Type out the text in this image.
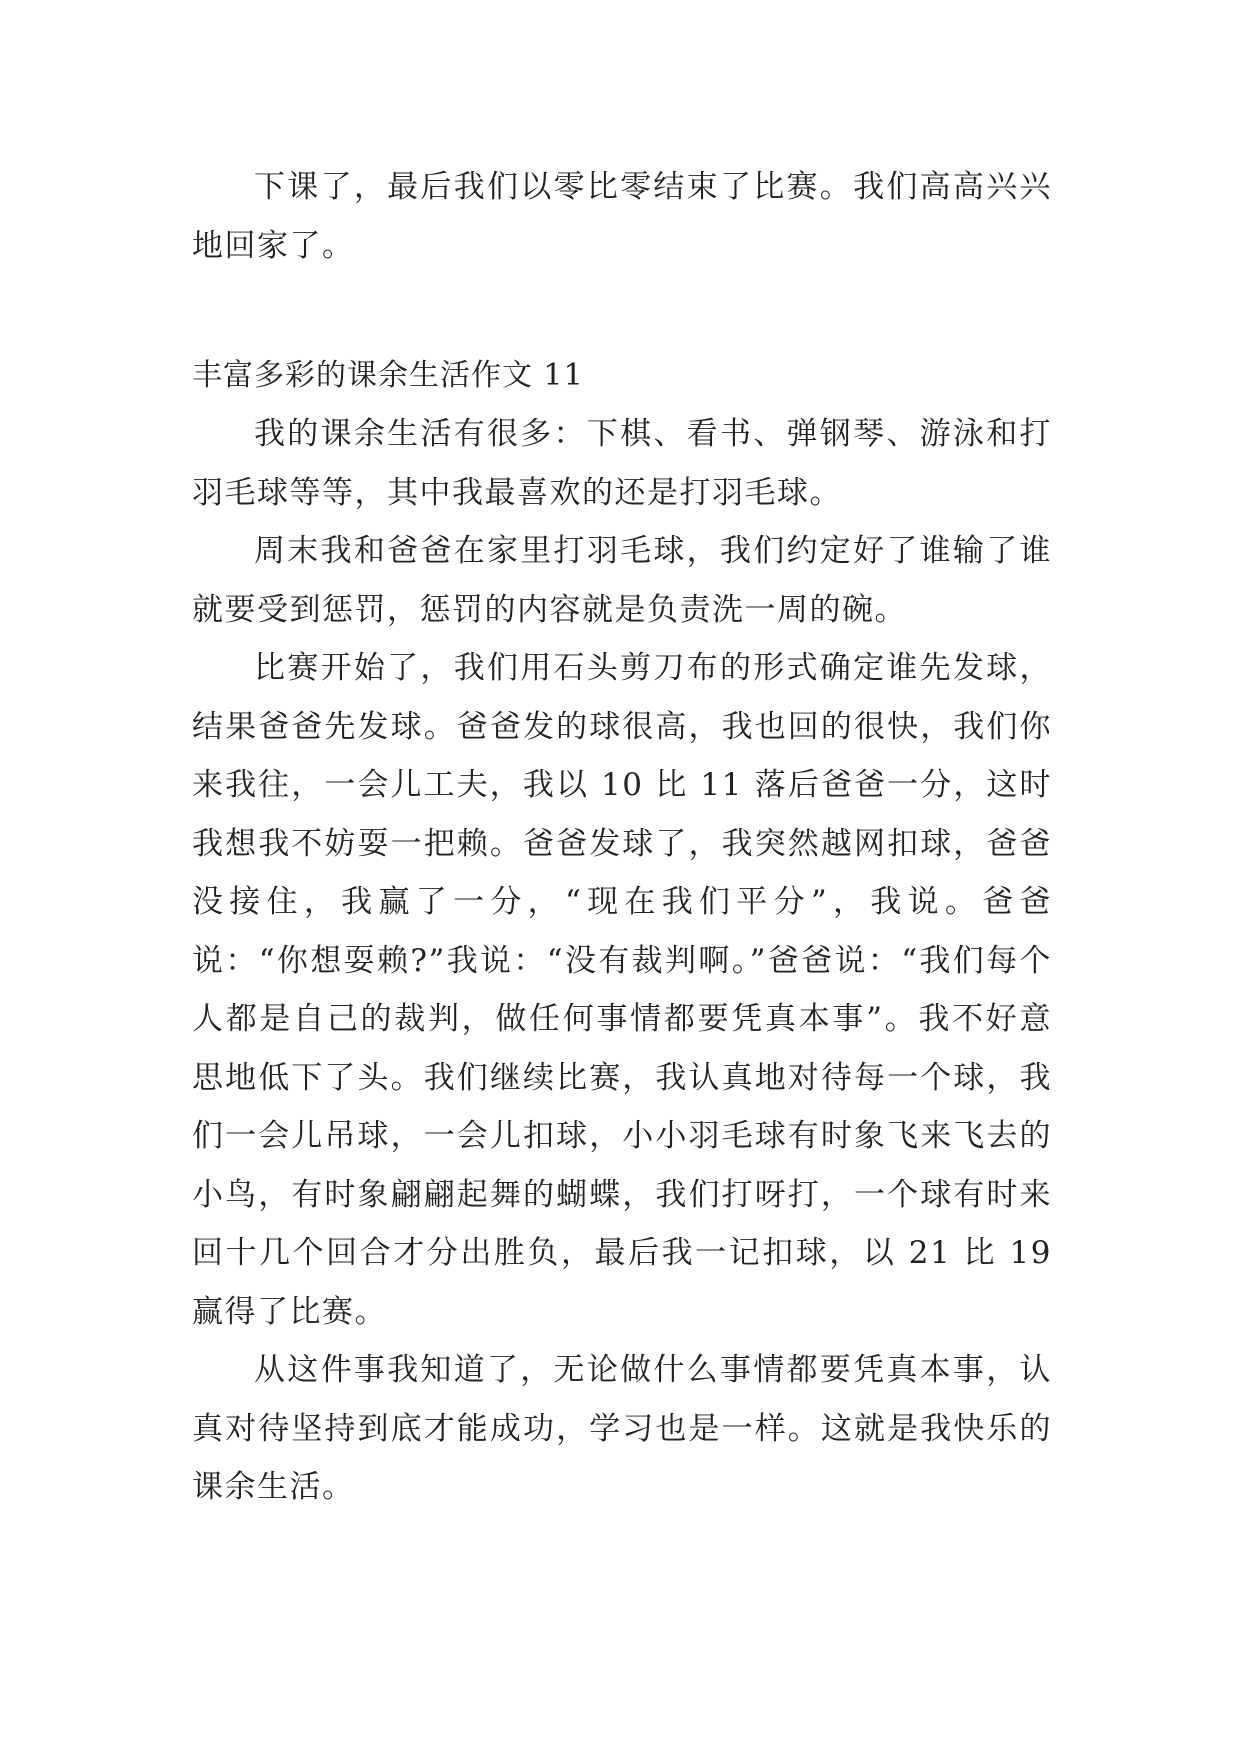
下课了，最后我们以零比零结束了比赛。我们高高兴兴地回家了。

丰富多彩的课余生活作文 11

我的课余生活有很多：下棋、看书、弹钢琴、游泳和打羽毛球等等，其中我最喜欢的还是打羽毛球。

周末我和爸爸在家里打羽毛球，我们约定好了谁输了谁就要受到惩罚，惩罚的内容就是负责洗一周的碗。

比赛开始了，我们用石头剪刀布的形式确定谁先发球，结果爸爸先发球。爸爸发的球很高，我也回的很快，我们你来我往，一会儿工夫，我以 10 比 11 落后爸爸一分，这时我想我不妨耍一把赖。爸爸发球了，我突然越网扣球，爸爸没接住，我赢了一分，“现在我们平分”，我说。爸爸说：“你想耍赖?”我说：“没有裁判啊。”爸爸说：“我们每个人都是自己的裁判，做任何事情都要凭真本事”。我不好意思地低下了头。我们继续比赛，我认真地对待每一个球，我们一会儿吊球，一会儿扣球，小小羽毛球有时象飞来飞去的小鸟，有时象翩翩起舞的蝴蝶，我们打呀打，一个球有时来回十几个回合才分出胜负，最后我一记扣球，以 21 比 19 赢得了比赛。

从这件事我知道了，无论做什么事情都要凭真本事，认真对待坚持到底才能成功，学习也是一样。这就是我快乐的课余生活。
